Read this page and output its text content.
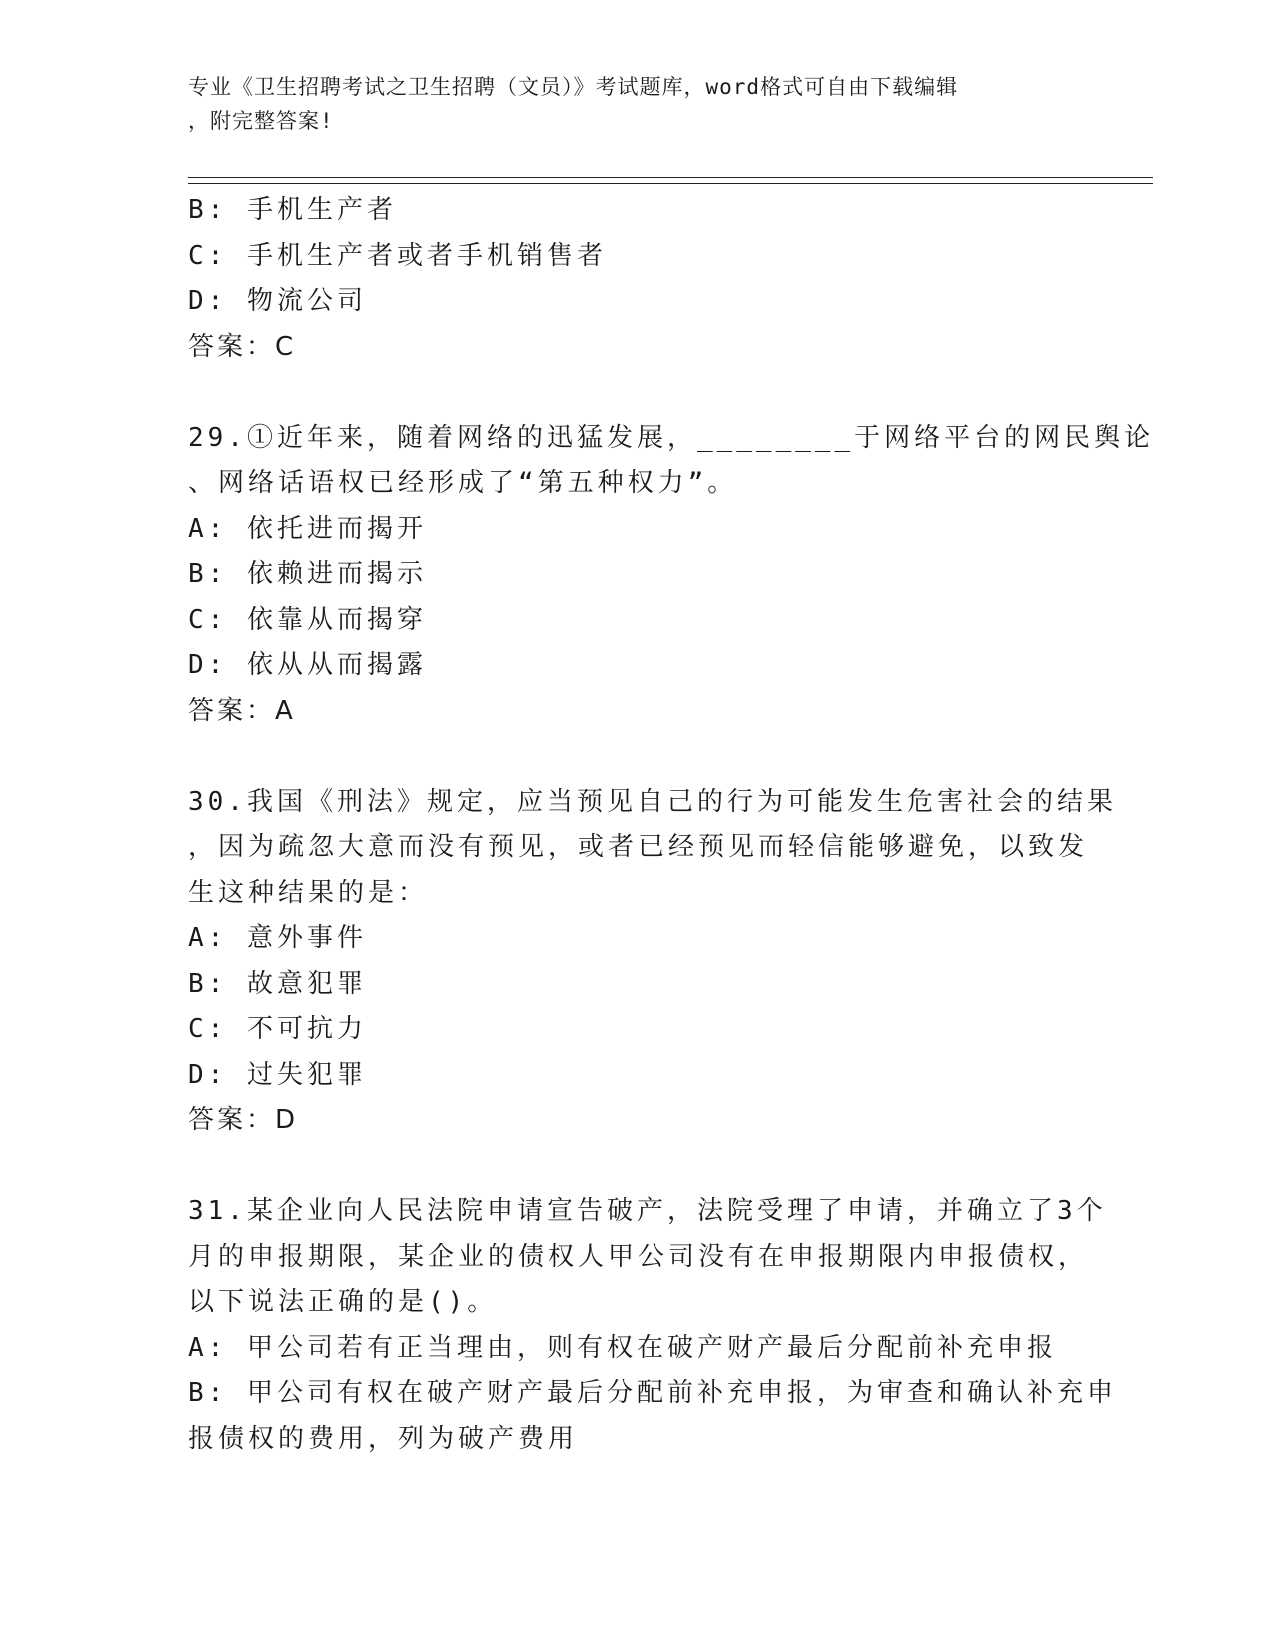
专业《卫生招聘考试之卫生招聘（文员）》考试题库，word格式可自由下载编辑
，附完整答案!
B: 手机生产者
C: 手机生产者或者手机销售者
D: 物流公司
答案：C
29.①近年来，随着网络的迅猛发展，________于网络平台的网民舆论
、网络话语权已经形成了“第五种权力”。
A: 依托进而揭开
B: 依赖进而揭示
C: 依靠从而揭穿
D: 依从从而揭露
答案：A
30.我国《刑法》规定，应当预见自己的行为可能发生危害社会的结果
，因为疏忽大意而没有预见，或者已经预见而轻信能够避免，以致发
生这种结果的是：
A: 意外事件
B: 故意犯罪
C: 不可抗力
D: 过失犯罪
答案：D
31.某企业向人民法院申请宣告破产，法院受理了申请，并确立了3个
月的申报期限，某企业的债权人甲公司没有在申报期限内申报债权，
以下说法正确的是()。
A: 甲公司若有正当理由，则有权在破产财产最后分配前补充申报
B: 甲公司有权在破产财产最后分配前补充申报，为审查和确认补充申
报债权的费用，列为破产费用
